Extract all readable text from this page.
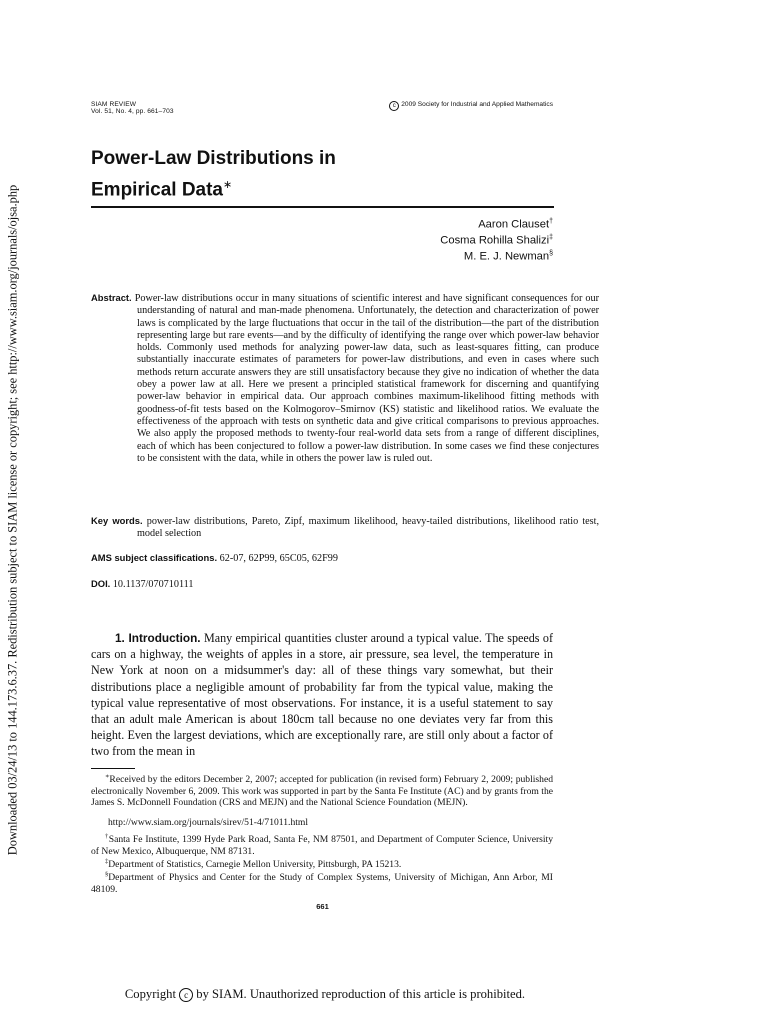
Downloaded 03/24/13 to 144.173.6.37. Redistribution subject to SIAM license or copyright; see http://www.siam.org/journals/ojsa.php
SIAM REVIEW
Vol. 51, No. 4, pp. 661–703
c 2009 Society for Industrial and Applied Mathematics
Power-Law Distributions in
Empirical Data∗
Aaron Clauset†
Cosma Rohilla Shalizi‡
M. E. J. Newman§
Abstract. Power-law distributions occur in many situations of scientific interest and have significant consequences for our understanding of natural and man-made phenomena. Unfortunately, the detection and characterization of power laws is complicated by the large fluctuations that occur in the tail of the distribution—the part of the distribution representing large but rare events—and by the difficulty of identifying the range over which power-law behavior holds. Commonly used methods for analyzing power-law data, such as least-squares fitting, can produce substantially inaccurate estimates of parameters for power-law distributions, and even in cases where such methods return accurate answers they are still unsatisfactory because they give no indication of whether the data obey a power law at all. Here we present a principled statistical framework for discerning and quantifying power-law behavior in empirical data. Our approach combines maximum-likelihood fitting methods with goodness-of-fit tests based on the Kolmogorov–Smirnov (KS) statistic and likelihood ratios. We evaluate the effectiveness of the approach with tests on synthetic data and give critical comparisons to previous approaches. We also apply the proposed methods to twenty-four real-world data sets from a range of different disciplines, each of which has been conjectured to follow a power-law distribution. In some cases we find these conjectures to be consistent with the data, while in others the power law is ruled out.
Key words. power-law distributions, Pareto, Zipf, maximum likelihood, heavy-tailed distributions, likelihood ratio test, model selection
AMS subject classifications. 62-07, 62P99, 65C05, 62F99
DOI. 10.1137/070710111
1. Introduction. Many empirical quantities cluster around a typical value. The speeds of cars on a highway, the weights of apples in a store, air pressure, sea level, the temperature in New York at noon on a midsummer's day: all of these things vary somewhat, but their distributions place a negligible amount of probability far from the typical value, making the typical value representative of most observations. For instance, it is a useful statement to say that an adult male American is about 180cm tall because no one deviates very far from this height. Even the largest deviations, which are exceptionally rare, are still only about a factor of two from the mean in
∗Received by the editors December 2, 2007; accepted for publication (in revised form) February 2, 2009; published electronically November 6, 2009. This work was supported in part by the Santa Fe Institute (AC) and by grants from the James S. McDonnell Foundation (CRS and MEJN) and the National Science Foundation (MEJN).
http://www.siam.org/journals/sirev/51-4/71011.html
†Santa Fe Institute, 1399 Hyde Park Road, Santa Fe, NM 87501, and Department of Computer Science, University of New Mexico, Albuquerque, NM 87131.
‡Department of Statistics, Carnegie Mellon University, Pittsburgh, PA 15213.
§Department of Physics and Center for the Study of Complex Systems, University of Michigan, Ann Arbor, MI 48109.
661
Copyright c by SIAM. Unauthorized reproduction of this article is prohibited.
